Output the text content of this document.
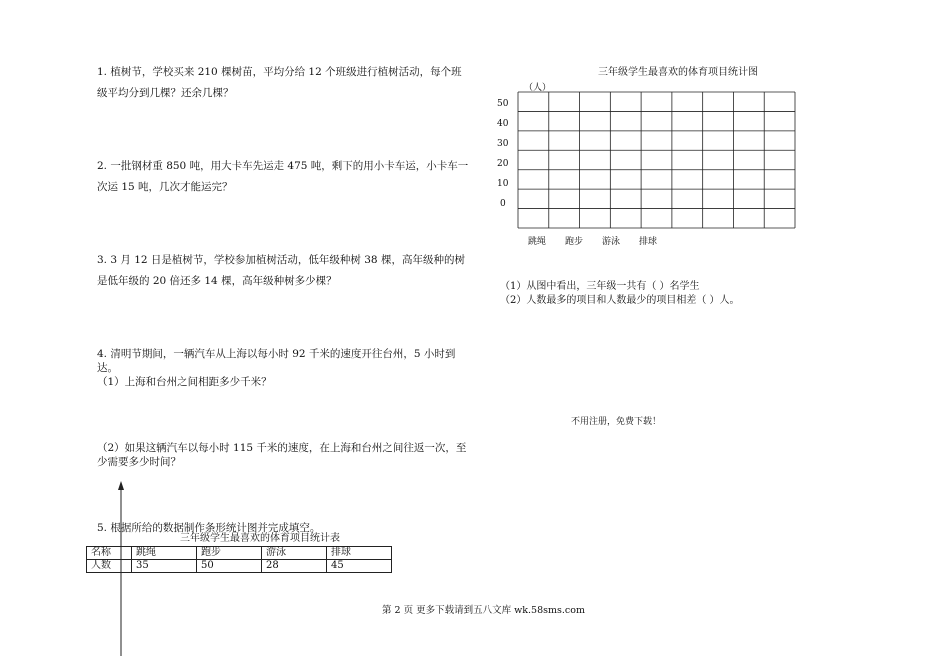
1. 植树节，学校买来 210 棵树苗，平均分给 12 个班级进行植树活动，每个班
级平均分到几棵？还余几棵？
2. 一批钢材重 850 吨，用大卡车先运走 475 吨，剩下的用小卡车运，小卡车一
次运 15 吨，几次才能运完？
3. 3 月 12 日是植树节，学校参加植树活动，低年级种树 38 棵，高年级种的树
是低年级的 20 倍还多 14 棵，高年级种树多少棵？
4. 清明节期间，一辆汽车从上海以每小时 92 千米的速度开往台州，5 小时到
达。
（1）上海和台州之间相距多少千米？
（2）如果这辆汽车以每小时 115 千米的速度，在上海和台州之间往返一次，至
少需要多少时间？
5. 根据所给的数据制作条形统计图并完成填空。
三年级学生最喜欢的体育项目统计表
名称	跳绳	跑步	游泳	排球
人数	35	50	28	45
三年级学生最喜欢的体育项目统计图
（人）
50
40
30
20
10
0
跳绳 跑步 游泳 排球
（1）从图中看出，三年级一共有（ ）名学生
（2）人数最多的项目和人数最少的项目相差（ ）人。
不用注册，免费下载！
第 2 页 更多下载请到五八文库 wk.58sms.com
